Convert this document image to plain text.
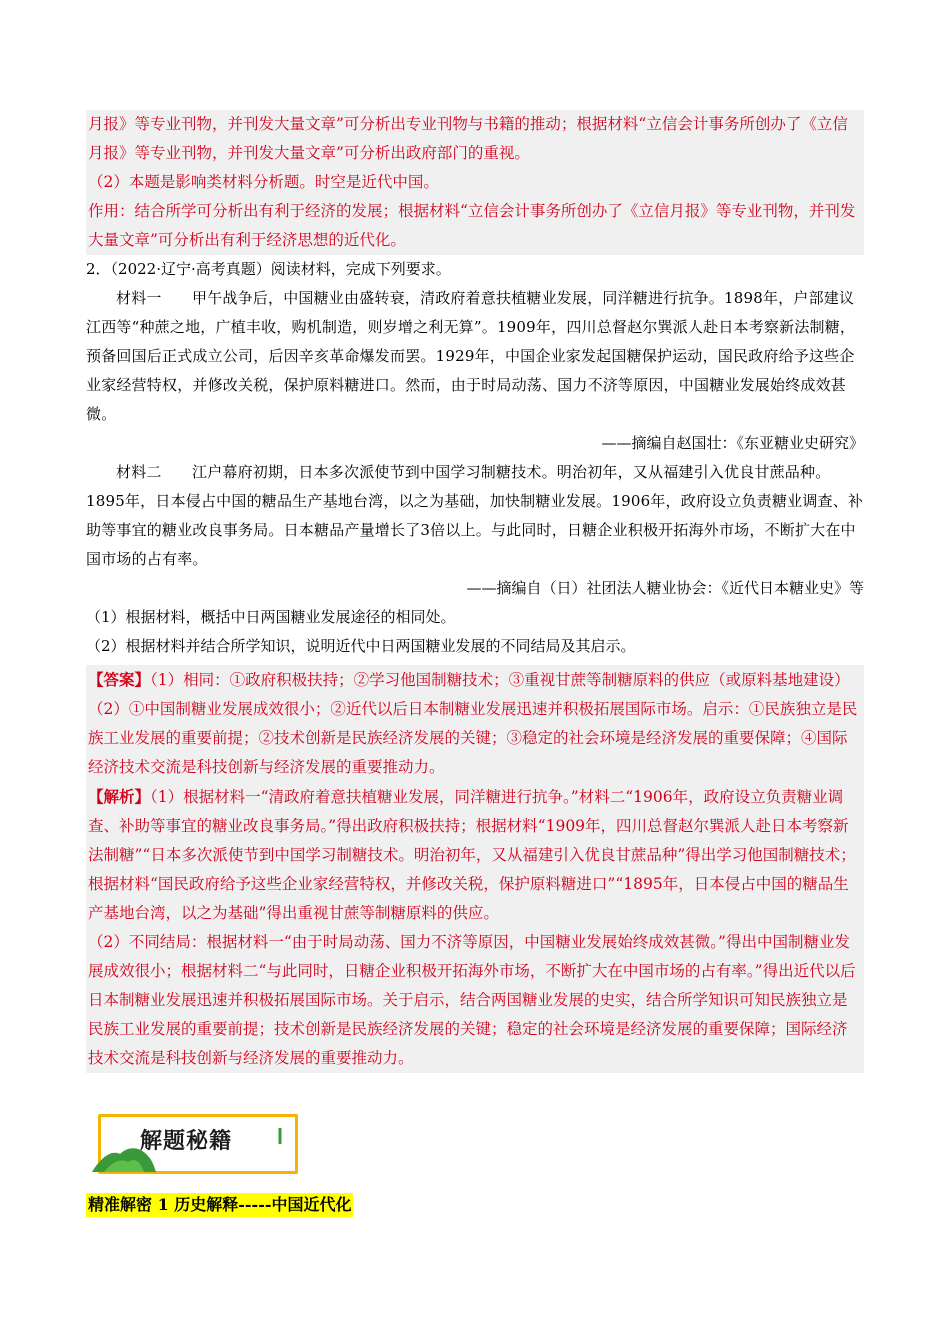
月报》等专业刊物，并刊发大量文章”可分析出专业刊物与书籍的推动；根据材料“立信会计事务所创办了《立信月报》等专业刊物，并刊发大量文章”可分析出政府部门的重视。

（2）本题是影响类材料分析题。时空是近代中国。

作用：结合所学可分析出有利于经济的发展；根据材料“立信会计事务所创办了《立信月报》等专业刊物，并刊发大量文章”可分析出有利于经济思想的近代化。

2．（2022·辽宁·高考真题）阅读材料，完成下列要求。

材料一　　甲午战争后，中国糖业由盛转衰，清政府着意扶植糖业发展，同洋糖进行抗争。1898年，户部建议江西等“种蔗之地，广植丰收，购机制造，则岁增之利无算”。1909年，四川总督赵尔巽派人赴日本考察新法制糖，预备回国后正式成立公司，后因辛亥革命爆发而罢。1929年，中国企业家发起国糖保护运动，国民政府给予这些企业家经营特权，并修改关税，保护原料糖进口。然而，由于时局动荡、国力不济等原因，中国糖业发展始终成效甚微。

——摘编自赵国壮：《东亚糖业史研究》

材料二　　江户幕府初期，日本多次派使节到中国学习制糖技术。明治初年，又从福建引入优良甘蔗品种。1895年，日本侵占中国的糖品生产基地台湾，以之为基础，加快制糖业发展。1906年，政府设立负责糖业调查、补助等事宜的糖业改良事务局。日本糖品产量增长了3倍以上。与此同时，日糖企业积极开拓海外市场，不断扩大在中国市场的占有率。

——摘编自（日）社团法人糖业协会：《近代日本糖业史》等

（1）根据材料，概括中日两国糖业发展途径的相同处。

（2）根据材料并结合所学知识，说明近代中日两国糖业发展的不同结局及其启示。

【答案】（1）相同：①政府积极扶持；②学习他国制糖技术；③重视甘蔗等制糖原料的供应（或原料基地建设）

（2）①中国制糖业发展成效很小；②近代以后日本制糖业发展迅速并积极拓展国际市场。启示：①民族独立是民族工业发展的重要前提；②技术创新是民族经济发展的关键；③稳定的社会环境是经济发展的重要保障；④国际经济技术交流是科技创新与经济发展的重要推动力。

【解析】（1）根据材料一“清政府着意扶植糖业发展，同洋糖进行抗争。”材料二“1906年，政府设立负责糖业调查、补助等事宜的糖业改良事务局。”得出政府积极扶持；根据材料“1909年，四川总督赵尔巽派人赴日本考察新法制糖”“日本多次派使节到中国学习制糖技术。明治初年，又从福建引入优良甘蔗品种”得出学习他国制糖技术；根据材料“国民政府给予这些企业家经营特权，并修改关税，保护原料糖进口”“1895年，日本侵占中国的糖品生产基地台湾，以之为基础”得出重视甘蔗等制糖原料的供应。

（2）不同结局：根据材料一“由于时局动荡、国力不济等原因，中国糖业发展始终成效甚微。”得出中国制糖业发展成效很小；根据材料二“与此同时，日糖企业积极开拓海外市场，不断扩大在中国市场的占有率。”得出近代以后日本制糖业发展迅速并积极拓展国际市场。关于启示，结合两国糖业发展的史实，结合所学知识可知民族独立是民族工业发展的重要前提；技术创新是民族经济发展的关键；稳定的社会环境是经济发展的重要保障；国际经济技术交流是科技创新与经济发展的重要推动力。

解题秘籍
精准解密 1 历史解释-----中国近代化
